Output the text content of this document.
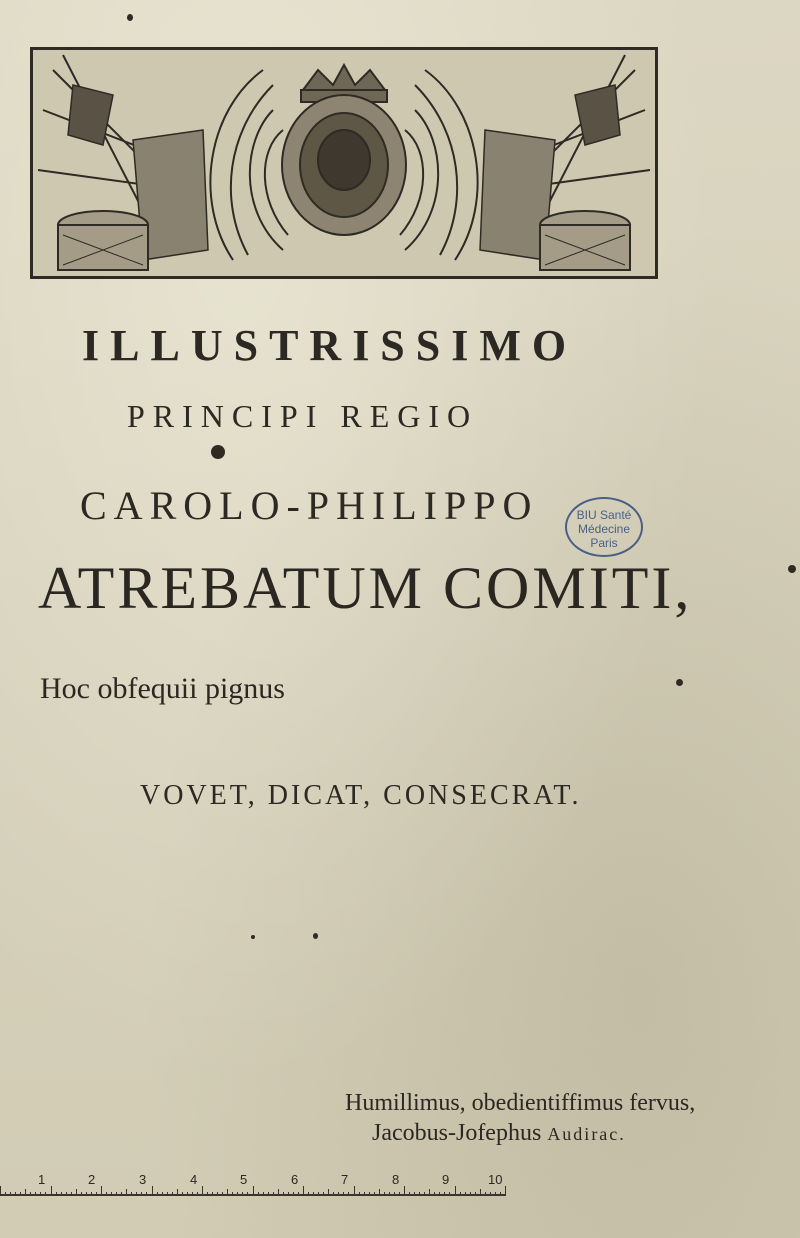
ILLUSTRISSIMO
PRINCIPI REGIO
CAROLO-PHILIPPO
ATREBATUM COMITI,
Hoc obfequii pignus
VOVET, DICAT, CONSECRAT.
Humillimus, obedientiffimus fervus,
Jacobus-Jofephus Audirac.
BIU Santé
Médecine
Paris
1	2	3	4	5	6	7	8	9	10
